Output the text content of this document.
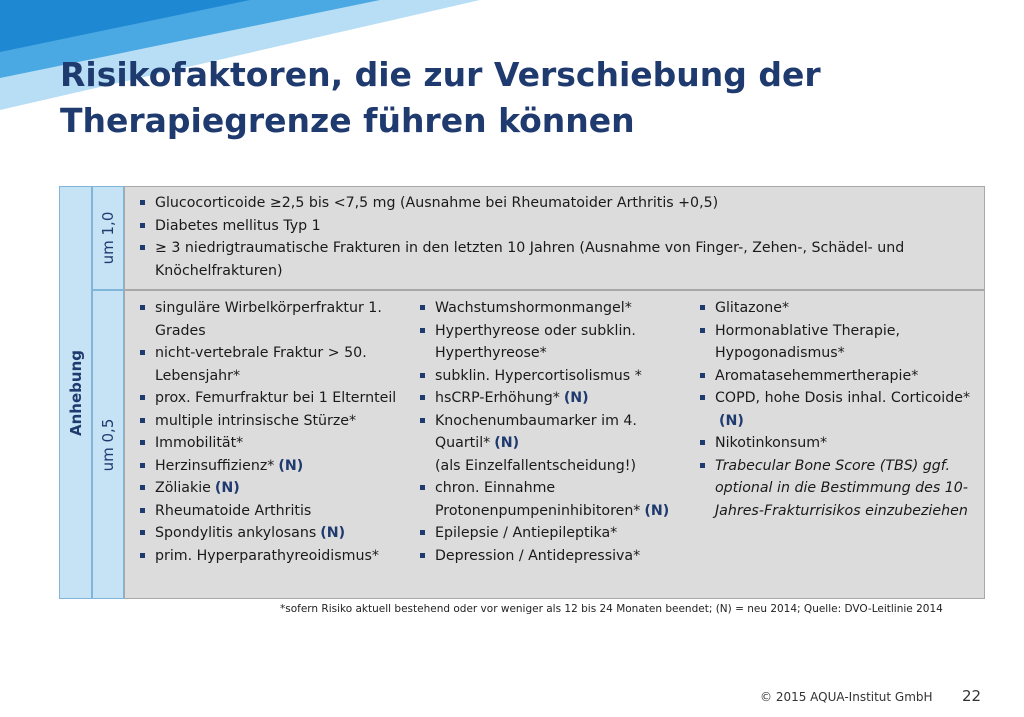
Risikofaktoren, die zur Verschiebung der
Therapiegrenze führen können
Anhebung
um 1,0
um 0,5
Glucocorticoide ≥2,5 bis <7,5 mg (Ausnahme bei Rheumatoider Arthritis +0,5)
Diabetes mellitus Typ 1
≥ 3 niedrigtraumatische Frakturen in den letzten 10 Jahren (Ausnahme von Finger-, Zehen-, Schädel- und Knöchelfrakturen)
singuläre Wirbelkörperfraktur 1. Grades
nicht-vertebrale Fraktur > 50. Lebensjahr*
prox. Femurfraktur bei 1 Elternteil
multiple intrinsische Stürze*
Immobilität*
Herzinsuffizienz* (N)
Zöliakie (N)
Rheumatoide Arthritis
Spondylitis ankylosans (N)
prim. Hyperparathyreoidismus*
Wachstumshormonmangel*
Hyperthyreose oder subklin. Hyperthyreose*
subklin. Hypercortisolismus *
hsCRP-Erhöhung* (N)
Knochenumbaumarker im 4. Quartil* (N)
(als Einzelfallentscheidung!)
chron. Einnahme Protonenpumpeninhibitoren* (N)
Epilepsie / Antiepileptika*
Depression / Antidepressiva*
Glitazone*
Hormonablative Therapie, Hypogonadismus*
Aromatasehemmertherapie*
COPD, hohe Dosis inhal. Corticoide*(N)
Nikotinkonsum*
Trabecular Bone Score (TBS) ggf. optional in die Bestimmung des 10-Jahres-Frakturrisikos einzubeziehen
*sofern Risiko aktuell bestehend oder vor weniger als 12 bis 24 Monaten beendet; (N) = neu 2014; Quelle: DVO-Leitlinie 2014
© 2015 AQUA-Institut GmbH 22
